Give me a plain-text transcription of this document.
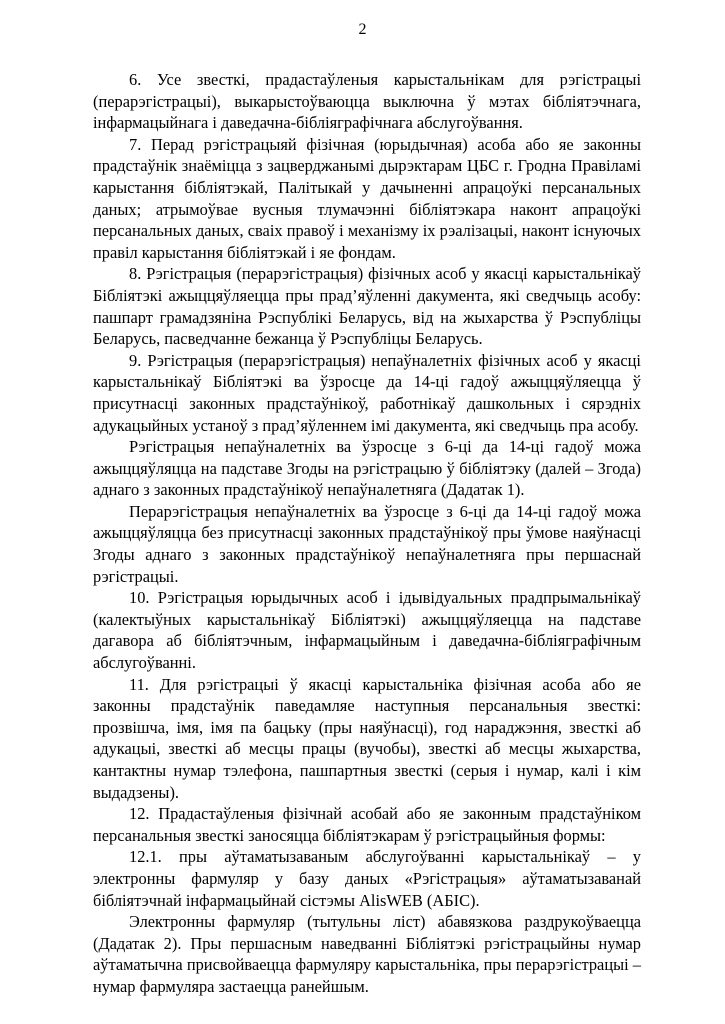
2

6. Усе звесткі, прадастаўленыя карыстальнікам для рэгістрацыі (перарэгістрацыі), выкарыстоўваюцца выключна ў мэтах бібліятэчнага, інфармацыйнага і даведачна-бібліяграфічнага абслугоўвання.

7. Перад рэгістрацыяй фізічная (юрыдычная) асоба або яе законны прадстаўнік знаёміцца з зацверджанымі дырэктарам ЦБС г. Гродна Правіламі карыстання бібліятэкай, Палітыкай у дачыненні апрацоўкі персанальных даных; атрымоўвае вусныя тлумачэнні бібліятэкара наконт апрацоўкі персанальных даных, сваіх правоў і механізму іх рэалізацыі, наконт існуючых правіл карыстання бібліятэкай і яе фондам.

8. Рэгістрацыя (перарэгістрацыя) фізічных асоб у якасці карыстальнікаў Бібліятэкі ажыццяўляецца пры прад’яўленні дакумента, які сведчыць асобу: пашпарт грамадзяніна Рэспублікі Беларусь, від на жыхарства ў Рэспубліцы Беларусь, пасведчанне бежанца ў Рэспубліцы Беларусь.

9. Рэгістрацыя (перарэгістрацыя) непаўналетніх фізічных асоб у якасці карыстальнікаў Бібліятэкі ва ўзросце да 14-ці гадоў ажыццяўляецца ў присутнасці законных прадстаўнікоў, работнікаў дашкольных і сярэдніх адукацыйных устаноў з прад’яўленнем імі дакумента, які сведчыць пра асобу.

Рэгістрацыя непаўналетніх ва ўзросце з 6-ці да 14-ці гадоў можа ажыццяўляцца на падставе Згоды на рэгістрацыю ў бібліятэку (далей – Згода) аднаго з законных прадстаўнікоў непаўналетняга (Дадатак 1).

Перарэгістрацыя непаўналетніх ва ўзросце з 6-ці да 14-ці гадоў можа ажыццяўляцца без присутнасці законных прадстаўнікоў пры ўмове наяўнасці Згоды аднаго з законных прадстаўнікоў непаўналетняга пры першаснай рэгістрацыі.

10. Рэгістрацыя юрыдычных асоб і ідывідуальных прадпрымальнікаў (калектыўных карыстальнікаў Бібліятэкі) ажыццяўляецца на падставе дагавора аб бібліятэчным, інфармацыйным і даведачна-бібліяграфічным абслугоўванні.

11. Для рэгістрацыі ў якасці карыстальніка фізічная асоба або яе законны прадстаўнік паведамляе наступныя персанальныя звесткі: прозвішча, імя, імя па бацьку (пры наяўнасці), год нараджэння, звесткі аб адукацыі, звесткі аб месцы працы (вучобы), звесткі аб месцы жыхарства, кантактны нумар тэлефона, пашпартныя звесткі (серыя і нумар, калі і кім выдадзены).

12. Прадастаўленыя фізічнай асобай або яе законным прадстаўніком персанальныя звесткі заносяцца бібліятэкарам ў рэгістрацыйныя формы:

12.1. пры аўтаматызаваным абслугоўванні карыстальнікаў – у электронны фармуляр у базу даных «Рэгістрацыя» аўтаматызаванай бібліятэчнай інфармацыйнай сістэмы AlisWEB (АБІС).

Электронны фармуляр (тытульны ліст) абавязкова раздрукоўваецца (Дадатак 2). Пры першасным наведванні Бібліятэкі рэгістрацыйны нумар аўтаматычна присвойваецца фармуляру карыстальніка, пры перарэгістрацыі – нумар фармуляра застаецца ранейшым.
